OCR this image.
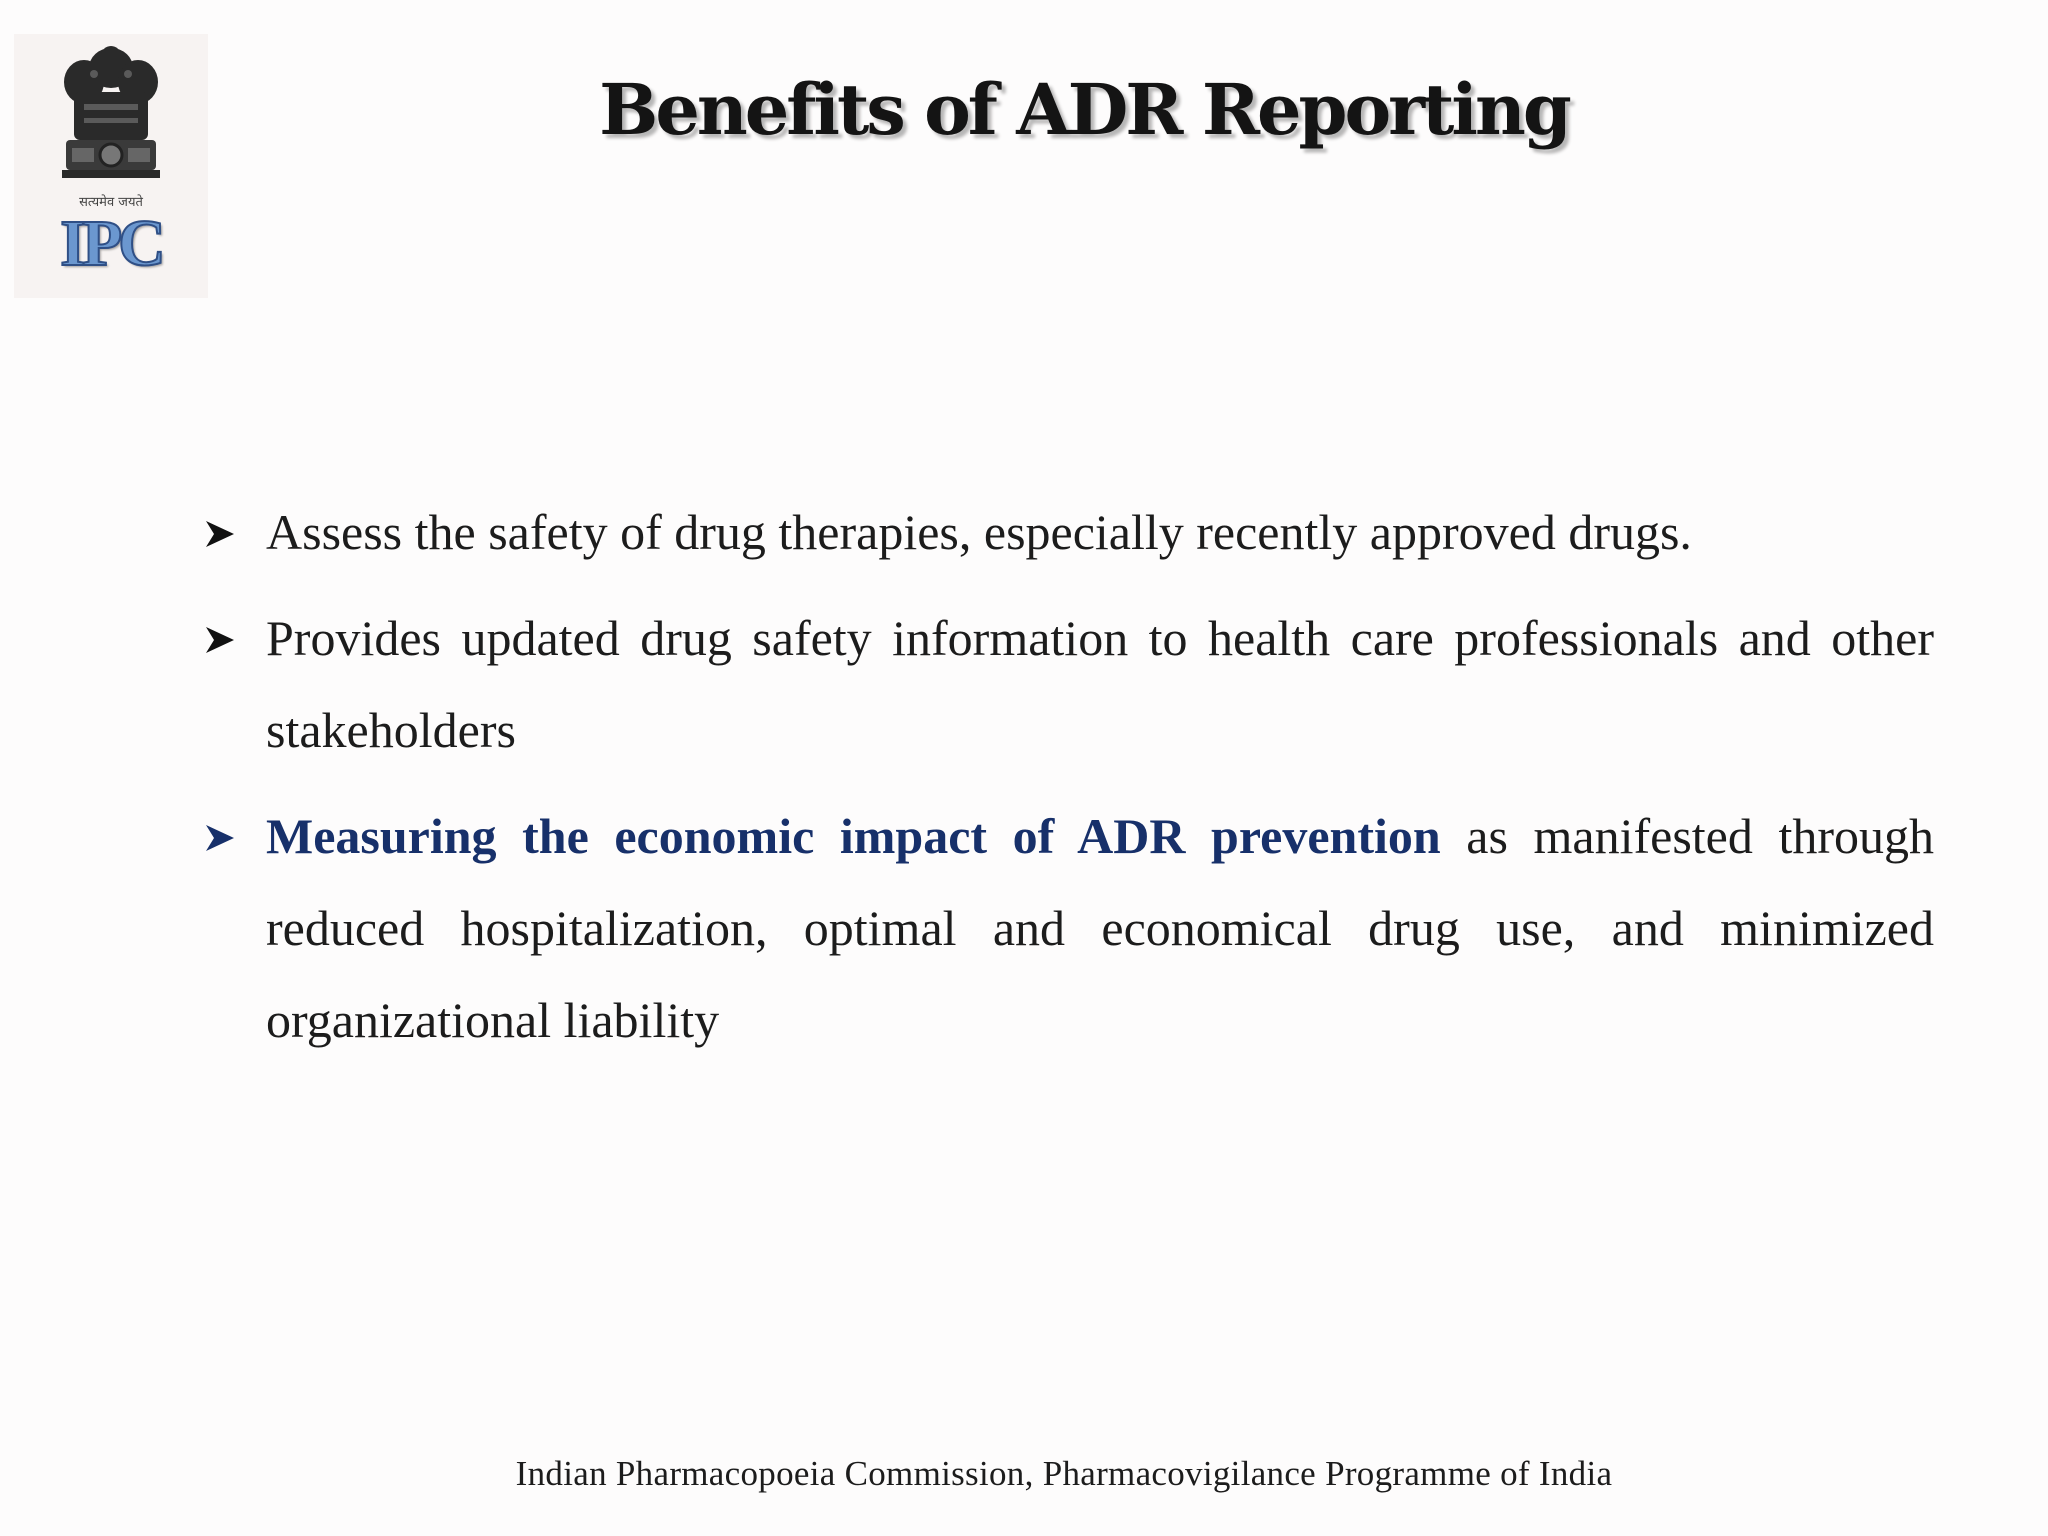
सत्यमेव जयते
IPC
Benefits of ADR Reporting
Assess the safety of drug therapies, especially recently approved drugs.
Provides updated drug safety information to health care professionals and other stakeholders
Measuring the economic impact of ADR prevention as manifested through reduced hospitalization, optimal and economical drug use, and minimized organizational liability
Indian Pharmacopoeia Commission, Pharmacovigilance Programme of India
